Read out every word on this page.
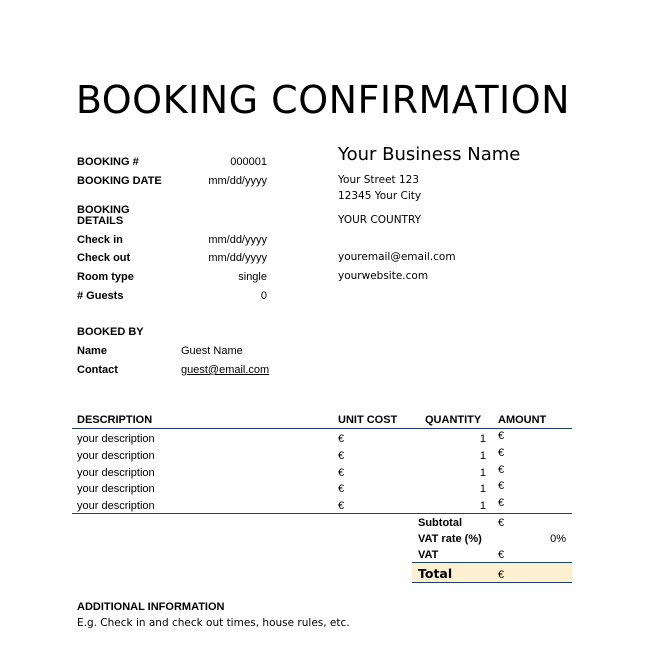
BOOKING CONFIRMATION
BOOKING #	000001
BOOKING DATE	mm/dd/yyyy
BOOKING
DETAILS
Check in	mm/dd/yyyy
Check out	mm/dd/yyyy
Room type	single
# Guests	0
BOOKED BY
Name	Guest Name
Contact	guest@email.com
Your Business Name
Your Street 123
12345 Your City
YOUR COUNTRY
youremail@email.com
yourwebsite.com
DESCRIPTION	UNIT COST	QUANTITY AMOUNT
your description	€	1 €
your description	€	1 €
your description	€	1 €
your description	€	1 €
your description	€	1 €
Subtotal	€
VAT rate (%)	0%
VAT	€
Total	€
ADDITIONAL INFORMATION
E.g. Check in and check out times, house rules, etc.
